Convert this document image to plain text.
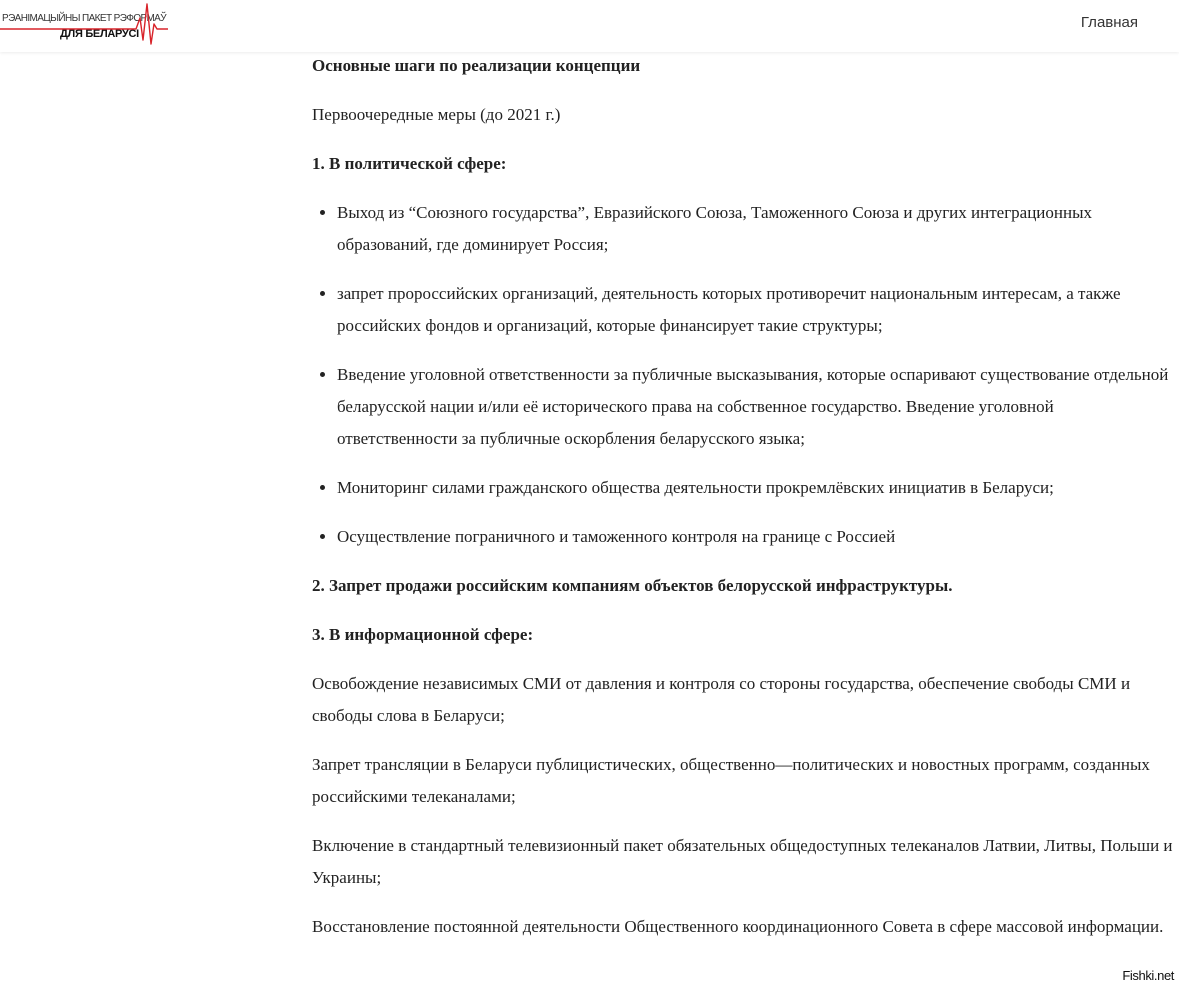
РЭАНІМАЦЫЙНЫ ПАКЕТ РЭФОРМАЎ
ДЛЯ БЕЛАРУСІ
Главная
Основные шаги по реализации концепции

Первоочередные меры (до 2021 г.)

1. В политической сфере:
• Выход из “Союзного государства”, Евразийского Союза, Таможенного Союза и других интеграционных образований, где доминирует Россия;
• запрет пророссийских организаций, деятельность которых противоречит национальным интересам, а также российских фондов и организаций, которые финансирует такие структуры;
• Введение уголовной ответственности за публичные высказывания, которые оспаривают существование отдельной беларусской нации и/или её исторического права на собственное государство. Введение уголовной ответственности за публичные оскорбления беларусского языка;
• Мониторинг силами гражданского общества деятельности прокремлёвских инициатив в Беларуси;
• Осуществление пограничного и таможенного контроля на границе с Россией
2. Запрет продажи российским компаниям объектов белорусской инфраструктуры.
3. В информационной сфере:

Освобождение независимых СМИ от давления и контроля со стороны государства, обеспечение свободы СМИ и свободы слова в Беларуси;

Запрет трансляции в Беларуси публицистических, общественно—политических и новостных программ, созданных российскими телеканалами;

Включение в стандартный телевизионный пакет обязательных общедоступных телеканалов Латвии, Литвы, Польши и Украины;

Восстановление постоянной деятельности Общественного координационного Совета в сфере массовой информации.

Fishki.net
